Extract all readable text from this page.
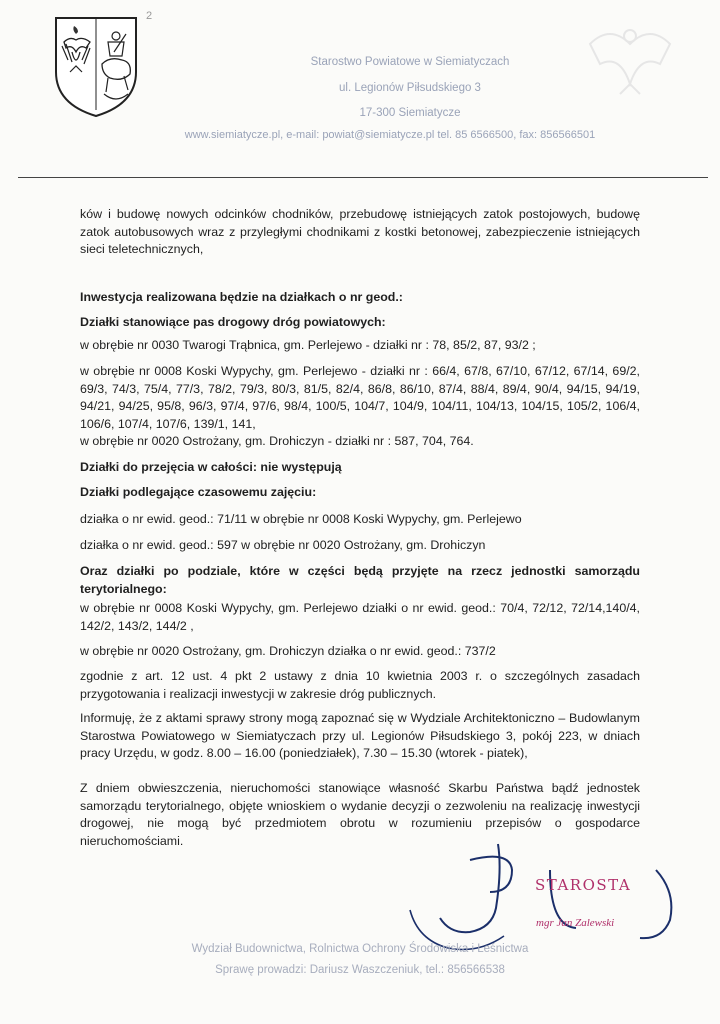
2
Starostwo Powiatowe w Siemiatyczach
ul. Legionów Piłsudskiego 3
17-300 Siemiatycze
www.siemiatycze.pl, e-mail: powiat@siemiatycze.pl tel. 85 6566500, fax: 856566501

ków i budowę nowych odcinków chodników, przebudowę istniejących zatok postojowych, budowę zatok autobusowych wraz z przyległymi chodnikami z kostki betonowej, zabezpieczenie istniejących sieci teletechnicznych,

Inwestycja realizowana będzie na działkach o nr geod.:

Działki stanowiące pas drogowy dróg powiatowych:

w obrębie nr 0030 Twarogi Trąbnica, gm. Perlejewo - działki nr : 78, 85/2, 87, 93/2 ;

w obrębie nr 0008 Koski Wypychy, gm. Perlejewo - działki nr : 66/4, 67/8, 67/10, 67/12, 67/14, 69/2, 69/3, 74/3, 75/4, 77/3, 78/2, 79/3, 80/3, 81/5, 82/4, 86/8, 86/10, 87/4, 88/4, 89/4, 90/4, 94/15, 94/19, 94/21, 94/25, 95/8, 96/3, 97/4, 97/6, 98/4, 100/5, 104/7, 104/9, 104/11, 104/13, 104/15, 105/2, 106/4, 106/6, 107/4, 107/6, 139/1, 141,

w obrębie nr 0020 Ostrożany, gm. Drohiczyn - działki nr : 587, 704, 764.

Działki do przejęcia w całości: nie występują

Działki podlegające czasowemu zajęciu:

działka o nr ewid. geod.: 71/11 w obrębie nr 0008 Koski Wypychy, gm. Perlejewo

działka o nr ewid. geod.: 597 w obrębie nr 0020 Ostrożany, gm. Drohiczyn

Oraz działki po podziale, które w części będą przyjęte na rzecz jednostki samorządu terytorialnego:

w obrębie nr 0008 Koski Wypychy, gm. Perlejewo działki o nr ewid. geod.: 70/4, 72/12, 72/14,140/4, 142/2, 143/2, 144/2 ,

w obrębie nr 0020 Ostrożany, gm. Drohiczyn działka o nr ewid. geod.: 737/2

zgodnie z art. 12 ust. 4 pkt 2 ustawy z dnia 10 kwietnia 2003 r. o szczególnych zasadach przygotowania i realizacji inwestycji w zakresie dróg publicznych.

Informuję, że z aktami sprawy strony mogą zapoznać się w Wydziale Architektoniczno – Budowlanym Starostwa Powiatowego w Siemiatyczach przy ul. Legionów Piłsudskiego 3, pokój 223, w dniach pracy Urzędu, w godz. 8.00 – 16.00 (poniedziałek), 7.30 – 15.30 (wtorek - piatek),

Z dniem obwieszczenia, nieruchomości stanowiące własność Skarbu Państwa bądź jednostek samorządu terytorialnego, objęte wnioskiem o wydanie decyzji o zezwoleniu na realizację inwestycji drogowej, nie mogą być przedmiotem obrotu w rozumieniu przepisów o gospodarce nieruchomościami.

STAROSTA
mgr Jan Zalewski
Wydział Budownictwa, Rolnictwa Ochrony Środowiska i Leśnictwa
Sprawę prowadzi: Dariusz Waszczeniuk, tel.: 856566538
